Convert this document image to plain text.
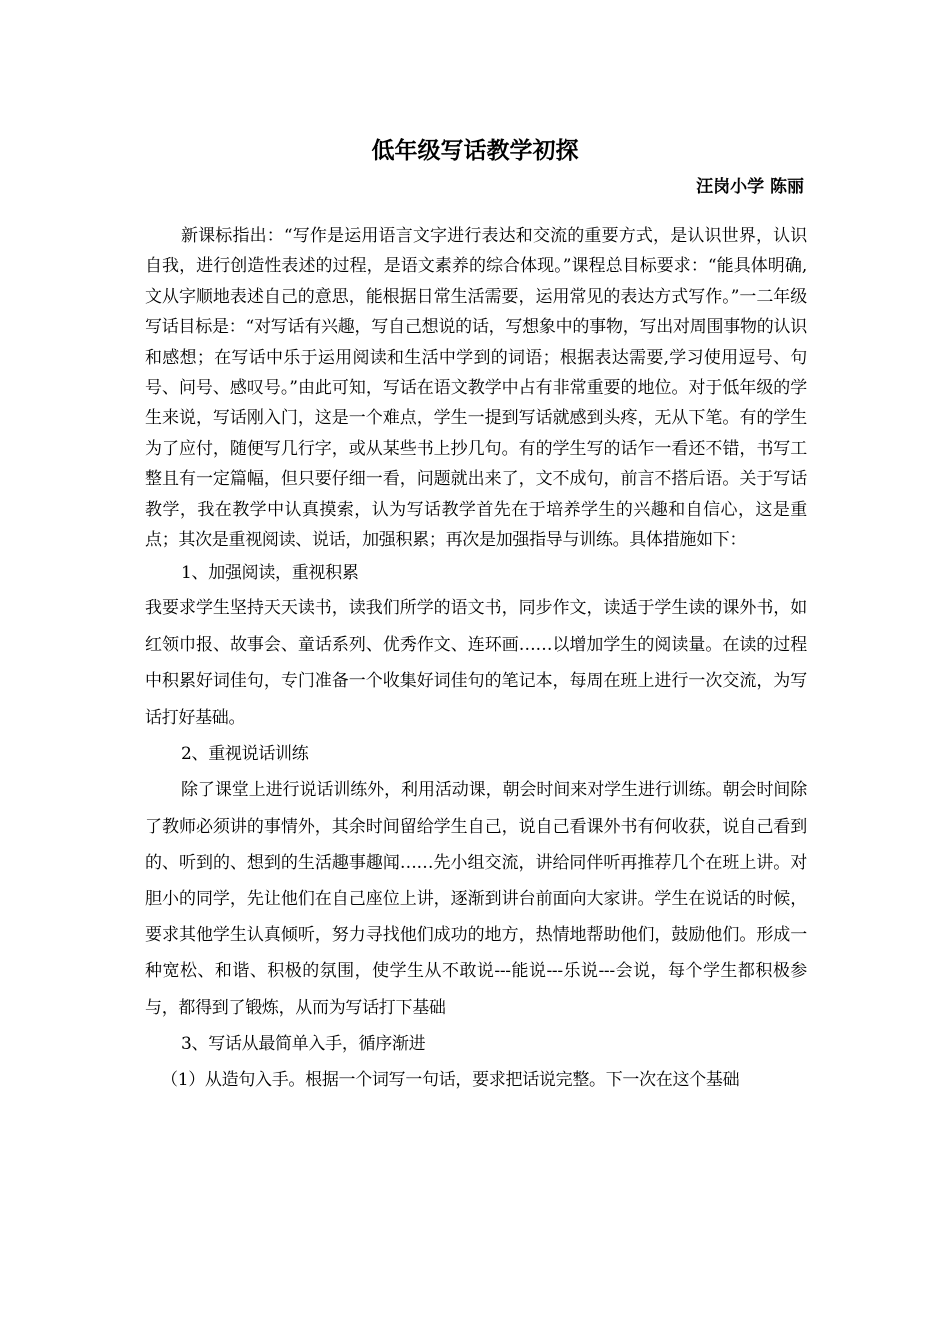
低年级写话教学初探
汪岗小学 陈丽

新课标指出：“写作是运用语言文字进行表达和交流的重要方式，是认识世界，认识自我，进行创造性表述的过程，是语文素养的综合体现。”课程总目标要求：“能具体明确,文从字顺地表述自己的意思，能根据日常生活需要，运用常见的表达方式写作。”一二年级写话目标是：“对写话有兴趣，写自己想说的话，写想象中的事物，写出对周围事物的认识和感想；在写话中乐于运用阅读和生活中学到的词语；根据表达需要,学习使用逗号、句号、问号、感叹号。”由此可知，写话在语文教学中占有非常重要的地位。对于低年级的学生来说，写话刚入门，这是一个难点，学生一提到写话就感到头疼，无从下笔。有的学生为了应付，随便写几行字，或从某些书上抄几句。有的学生写的话乍一看还不错，书写工整且有一定篇幅，但只要仔细一看，问题就出来了，文不成句，前言不搭后语。关于写话教学，我在教学中认真摸索，认为写话教学首先在于培养学生的兴趣和自信心，这是重点；其次是重视阅读、说话，加强积累；再次是加强指导与训练。具体措施如下：

1、加强阅读，重视积累

我要求学生坚持天天读书，读我们所学的语文书，同步作文，读适于学生读的课外书，如红领巾报、故事会、童话系列、优秀作文、连环画……以增加学生的阅读量。在读的过程中积累好词佳句，专门准备一个收集好词佳句的笔记本，每周在班上进行一次交流，为写话打好基础。

2、重视说话训练

除了课堂上进行说话训练外，利用活动课，朝会时间来对学生进行训练。朝会时间除了教师必须讲的事情外，其余时间留给学生自己，说自己看课外书有何收获，说自己看到的、听到的、想到的生活趣事趣闻……先小组交流，讲给同伴听再推荐几个在班上讲。对胆小的同学，先让他们在自己座位上讲，逐渐到讲台前面向大家讲。学生在说话的时候，要求其他学生认真倾听，努力寻找他们成功的地方，热情地帮助他们，鼓励他们。形成一种宽松、和谐、积极的氛围，使学生从不敢说---能说---乐说---会说，每个学生都积极参与，都得到了锻炼，从而为写话打下基础

3、写话从最简单入手，循序渐进

（1）从造句入手。根据一个词写一句话，要求把话说完整。下一次在这个基础
